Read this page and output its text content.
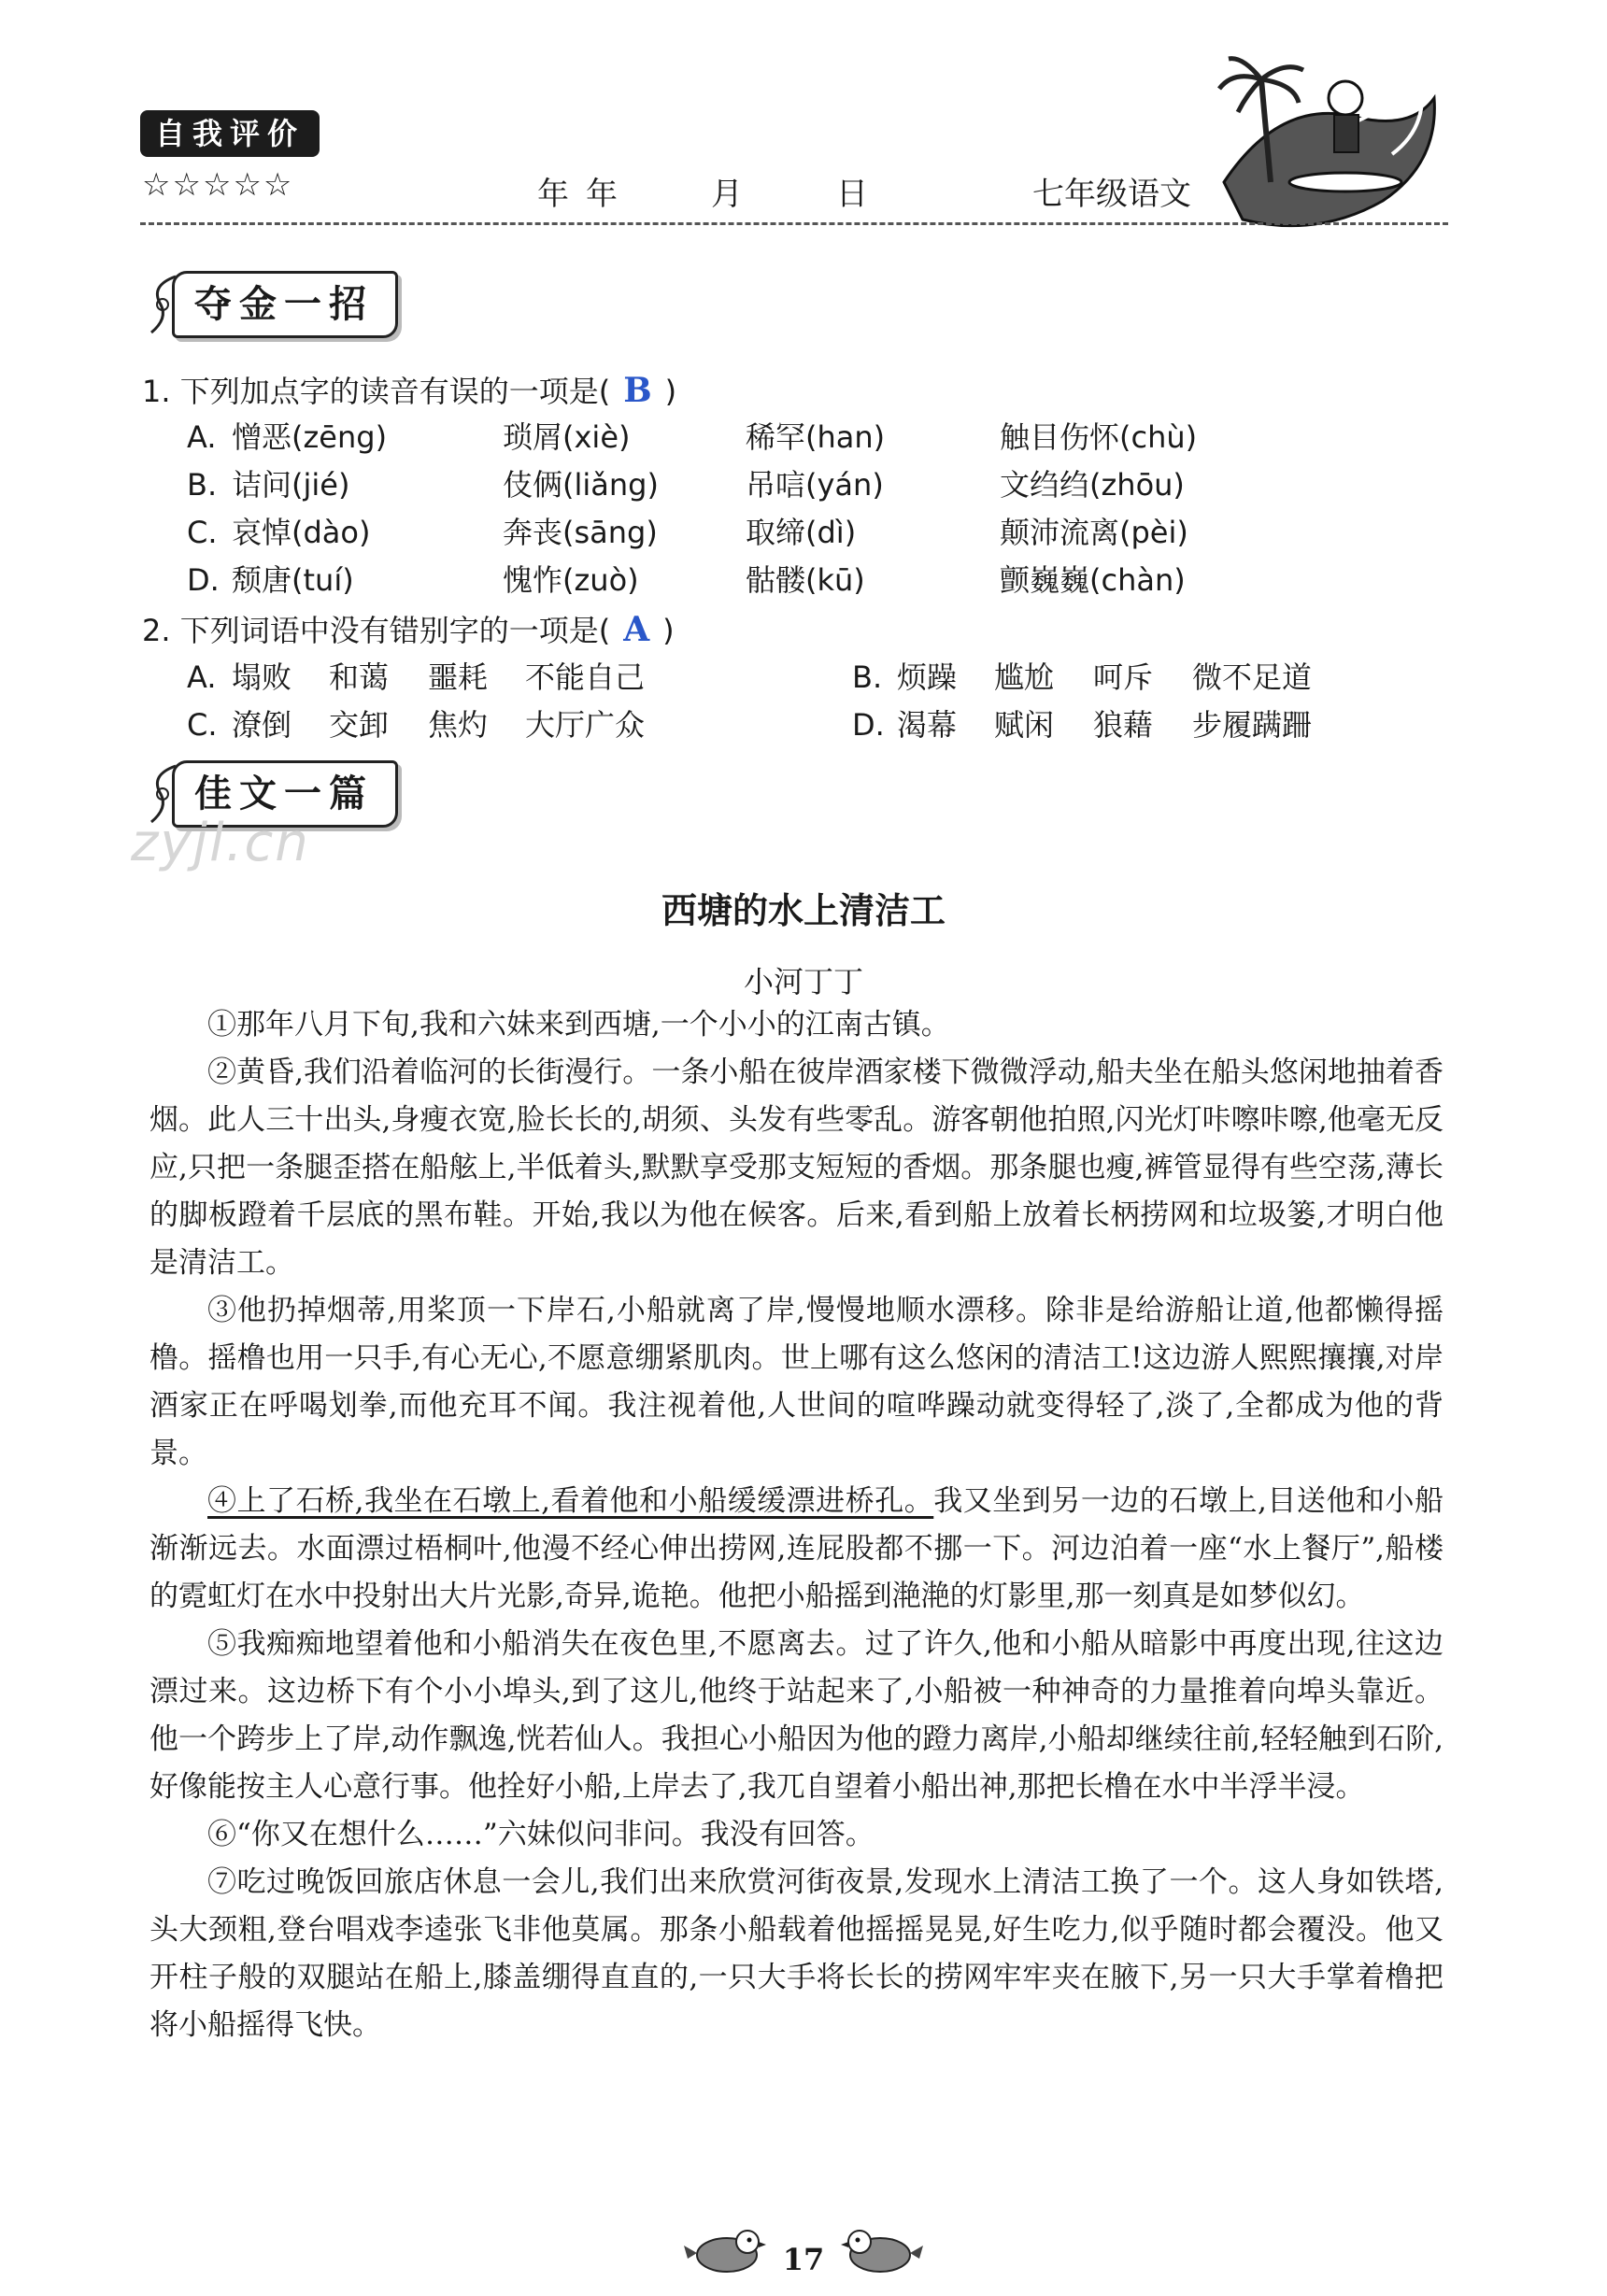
自我评价
☆☆☆☆☆	年 年	月	日	七年级语文
夺金一招
1. 下列加点字的读音有误的一项是( B )
A. 憎恶(zēng)	琐屑(xiè)	稀罕(han)	触目伤怀(chù)
B. 诘问(jié)	伎俩(liǎng)	吊唁(yán)	文绉绉(zhōu)
C. 哀悼(dào)	奔丧(sāng)	取缔(dì)	颠沛流离(pèi)
D. 颓唐(tuí)	愧怍(zuò)	骷髅(kū)	颤巍巍(chàn)
2. 下列词语中没有错别字的一项是( A )
A. 塌败 和蔼 噩耗 不能自己	B. 烦躁 尴尬 呵斥 微不足道
C. 潦倒 交卸 焦灼 大厅广众	D. 渴幕 赋闲 狼藉 步履蹒跚
佳文一篇
zyjl.cn
西塘的水上清洁工
小河丁丁

①那年八月下旬,我和六妹来到西塘,一个小小的江南古镇。

②黄昏,我们沿着临河的长街漫行。一条小船在彼岸酒家楼下微微浮动,船夫坐在船头悠闲地抽着香烟。此人三十出头,身瘦衣宽,脸长长的,胡须、头发有些零乱。游客朝他拍照,闪光灯咔嚓咔嚓,他毫无反应,只把一条腿歪搭在船舷上,半低着头,默默享受那支短短的香烟。那条腿也瘦,裤管显得有些空荡,薄长的脚板蹬着千层底的黑布鞋。开始,我以为他在候客。后来,看到船上放着长柄捞网和垃圾篓,才明白他是清洁工。

③他扔掉烟蒂,用桨顶一下岸石,小船就离了岸,慢慢地顺水漂移。除非是给游船让道,他都懒得摇橹。摇橹也用一只手,有心无心,不愿意绷紧肌肉。世上哪有这么悠闲的清洁工!这边游人熙熙攘攘,对岸酒家正在呼喝划拳,而他充耳不闻。我注视着他,人世间的喧哗躁动就变得轻了,淡了,全都成为他的背景。

④上了石桥,我坐在石墩上,看着他和小船缓缓漂进桥孔。我又坐到另一边的石墩上,目送他和小船渐渐远去。水面漂过梧桐叶,他漫不经心伸出捞网,连屁股都不挪一下。河边泊着一座“水上餐厅”,船楼的霓虹灯在水中投射出大片光影,奇异,诡艳。他把小船摇到滟滟的灯影里,那一刻真是如梦似幻。

⑤我痴痴地望着他和小船消失在夜色里,不愿离去。过了许久,他和小船从暗影中再度出现,往这边漂过来。这边桥下有个小小埠头,到了这儿,他终于站起来了,小船被一种神奇的力量推着向埠头靠近。他一个跨步上了岸,动作飘逸,恍若仙人。我担心小船因为他的蹬力离岸,小船却继续往前,轻轻触到石阶,好像能按主人心意行事。他拴好小船,上岸去了,我兀自望着小船出神,那把长橹在水中半浮半浸。

⑥“你又在想什么……”六妹似问非问。我没有回答。

⑦吃过晚饭回旅店休息一会儿,我们出来欣赏河街夜景,发现水上清洁工换了一个。这人身如铁塔,头大颈粗,登台唱戏李逵张飞非他莫属。那条小船载着他摇摇晃晃,好生吃力,似乎随时都会覆没。他又开柱子般的双腿站在船上,膝盖绷得直直的,一只大手将长长的捞网牢牢夹在腋下,另一只大手掌着橹把将小船摇得飞快。

17
